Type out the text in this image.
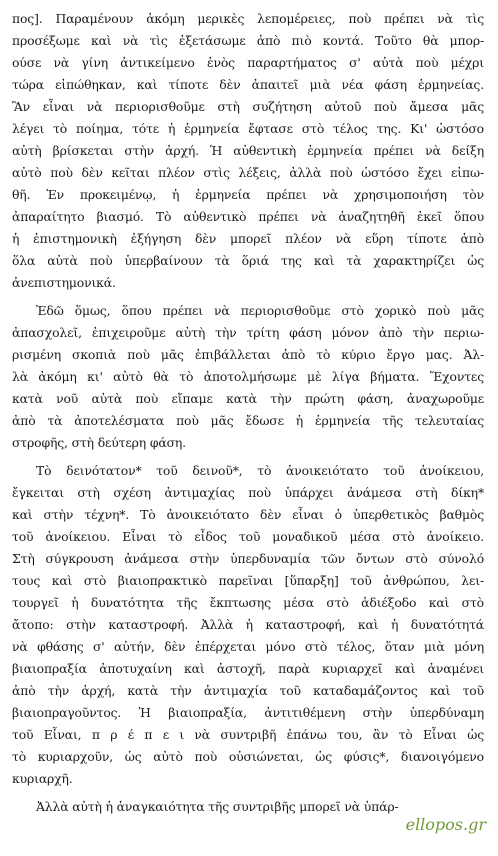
πος]. Παραμένουν ἀκόμη μερικὲς λεπομέρειες, ποὺ πρέπει νὰ τὶς
προσέξωμε καὶ νὰ τὶς ἐξετάσωμε ἀπὸ πιὸ κοντά. Τοῦτο θὰ μπορ-
ούσε νὰ γίνη ἀντικείμενο ἑνὸς παραρτήματος σ' αὐτὰ ποὺ μέχρι
τώρα εἰπώθηκαν, καὶ τίποτε δὲν ἀπαιτεῖ μιὰ νέα φάση ἑρμηνείας.
Ἂν εἶναι νὰ περιορισθοῦμε στὴ συζήτηση αὐτοῦ ποὺ ἄμεσα μᾶς
λέγει τὸ ποίημα, τότε ἡ ἑρμηνεία ἔφτασε στὸ τέλος της. Κι' ὡστόσο
αὐτὴ βρίσκεται στὴν ἀρχή. Ἡ αὐθεντικὴ ἑρμηνεία πρέπει νὰ δείξη
αὐτὸ ποὺ δὲν κεῖται πλέον στὶς λέξεις, ἀλλὰ ποὺ ὡστόσο ἔχει εἰπω-
θῆ. Ἐν προκειμένῳ, ἡ ἑρμηνεία πρέπει νὰ χρησιμοποιήση τὸν
ἀπαραίτητο βιασμό. Τὸ αὐθεντικὸ πρέπει νὰ ἀναζητηθῆ ἐκεῖ ὅπου
ἡ ἐπιστημονικὴ ἐξήγηση δὲν μπορεῖ πλέον νὰ εὕρη τίποτε ἀπὸ
ὅλα αὐτὰ ποὺ ὑπερβαίνουν τὰ ὅριά της καὶ τὰ χαρακτηρίζει ὡς
ἀνεπιστημονικά.
Ἐδῶ ὅμως, ὅπου πρέπει νὰ περιορισθοῦμε στὸ χορικὸ ποὺ μᾶς
ἀπασχολεῖ, ἐπιχειροῦμε αὐτὴ τὴν τρίτη φάση μόνον ἀπὸ τὴν περιω-
ρισμένη σκοπιὰ ποὺ μᾶς ἐπιβάλλεται ἀπὸ τὸ κύριο ἔργο μας. Ἀλ-
λὰ ἀκόμη κι' αὐτὸ θὰ τὸ ἀποτολμήσωμε μὲ λίγα βήματα. Ἔχοντες
κατὰ νοῦ αὐτὰ ποὺ εἴπαμε κατὰ τὴν πρώτη φάση, ἀναχωροῦμε
ἀπὸ τὰ ἀποτελέσματα ποὺ μᾶς ἔδωσε ἡ ἑρμηνεία τῆς τελευταίας
στροφῆς, στὴ δεύτερη φάση.
Τὸ δεινότατον* τοῦ δεινοῦ*, τὸ ἀνοικειότατο τοῦ ἀνοίκειου,
ἔγκειται στὴ σχέση ἀντιμαχίας ποὺ ὑπάρχει ἀνάμεσα στὴ δίκη*
καὶ στὴν τέχνη*. Τὸ ἀνοικειότατο δὲν εἶναι ὁ ὑπερθετικὸς βαθμὸς
τοῦ ἀνοίκειου. Εἶναι τὸ εἶδος τοῦ μοναδικοῦ μέσα στὸ ἀνοίκειο.
Στὴ σύγκρουση ἀνάμεσα στὴν ὑπερδυναμία τῶν ὄντων στὸ σύνολό
τους καὶ στὸ βιαιοπρακτικὸ παρεῖναι [ὕπαρξη] τοῦ ἀνθρώπου, λει-
τουργεῖ ἡ δυνατότητα τῆς ἔκπτωσης μέσα στὸ ἀδιέξοδο καὶ στὸ
ἄτοπο: στὴν καταστροφή. Ἀλλὰ ἡ καταστροφή, καὶ ἡ δυνατότητά
νὰ φθάσης σ' αὐτήν, δὲν ἐπέρχεται μόνο στὸ τέλος, ὅταν μιὰ μόνη
βιαιοπραξία ἀποτυχαίνη καὶ ἀστοχῆ, παρὰ κυριαρχεῖ καὶ ἀναμένει
ἀπὸ τὴν ἀρχή, κατὰ τὴν ἀντιμαχία τοῦ καταδαμάζοντος καὶ τοῦ
βιαιοπραγοῦντος. Ἡ βιαιοπραξία, ἀντιτιθέμενη στὴν ὑπερδύναμη
τοῦ Εἶναι, π ρ έ π ε ι νὰ συντριβῆ ἐπάνω του, ἂν τὸ Εἶναι ὡς
τὸ κυριαρχοῦν, ὡς αὐτὸ ποὺ οὐσιώνεται, ὡς φύσις*, διανοιγόμενο
κυριαρχῆ.
Ἀλλὰ αὐτὴ ἡ ἀναγκαιότητα τῆς συντριβῆς μπορεῖ νὰ ὑπάρ-
ellopos.gr
